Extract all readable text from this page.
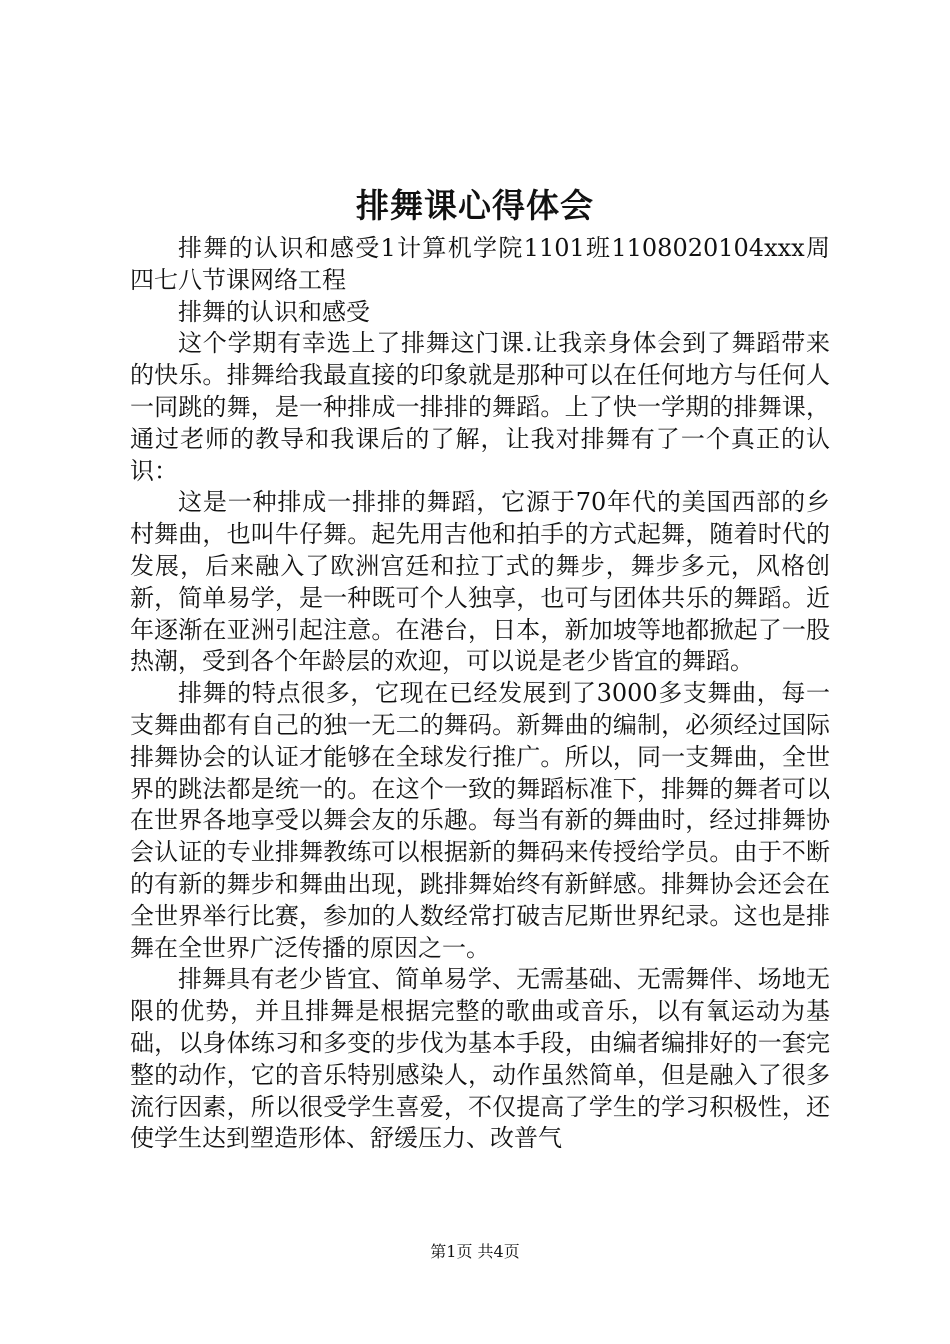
排舞课心得体会

排舞的认识和感受1计算机学院1101班1108020104xxx周四七八节课网络工程

排舞的认识和感受

这个学期有幸选上了排舞这门课.让我亲身体会到了舞蹈带来的快乐。排舞给我最直接的印象就是那种可以在任何地方与任何人一同跳的舞，是一种排成一排排的舞蹈。上了快一学期的排舞课，通过老师的教导和我课后的了解，让我对排舞有了一个真正的认识：

这是一种排成一排排的舞蹈，它源于70年代的美国西部的乡村舞曲，也叫牛仔舞。起先用吉他和拍手的方式起舞，随着时代的发展，后来融入了欧洲宫廷和拉丁式的舞步，舞步多元，风格创新，简单易学，是一种既可个人独享，也可与团体共乐的舞蹈。近年逐渐在亚洲引起注意。在港台，日本，新加坡等地都掀起了一股热潮，受到各个年龄层的欢迎，可以说是老少皆宜的舞蹈。

排舞的特点很多，它现在已经发展到了3000多支舞曲，每一支舞曲都有自己的独一无二的舞码。新舞曲的编制，必须经过国际排舞协会的认证才能够在全球发行推广。所以，同一支舞曲，全世界的跳法都是统一的。在这个一致的舞蹈标准下，排舞的舞者可以在世界各地享受以舞会友的乐趣。每当有新的舞曲时，经过排舞协会认证的专业排舞教练可以根据新的舞码来传授给学员。由于不断的有新的舞步和舞曲出现，跳排舞始终有新鲜感。排舞协会还会在全世界举行比赛，参加的人数经常打破吉尼斯世界纪录。这也是排舞在全世界广泛传播的原因之一。

排舞具有老少皆宜、简单易学、无需基础、无需舞伴、场地无限的优势，并且排舞是根据完整的歌曲或音乐，以有氧运动为基础，以身体练习和多变的步伐为基本手段，由编者编排好的一套完整的动作，它的音乐特别感染人，动作虽然简单，但是融入了很多流行因素，所以很受学生喜爱，不仅提高了学生的学习积极性，还使学生达到塑造形体、舒缓压力、改普气

第1页 共4页
